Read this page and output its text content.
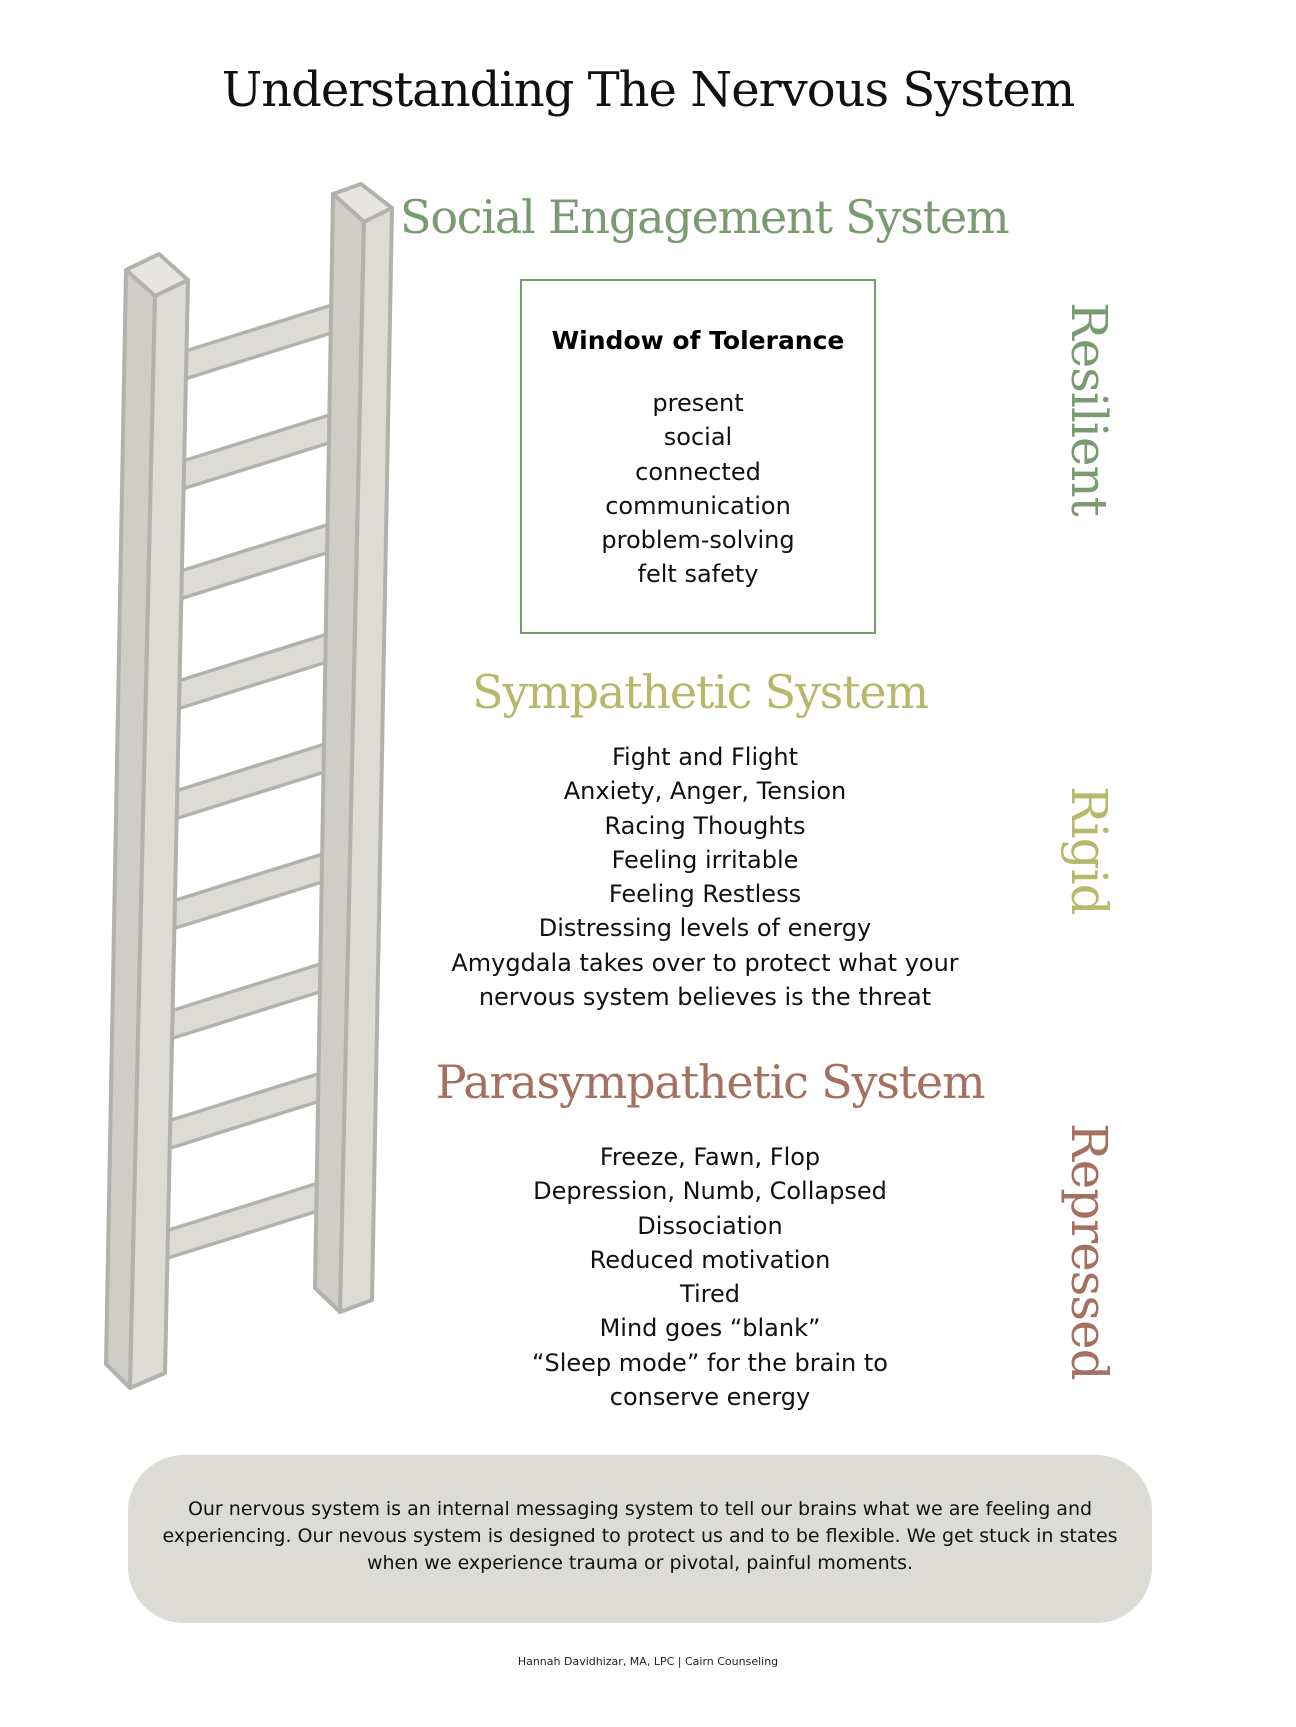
Understanding The Nervous System
Social Engagement System
Window of Tolerance
present
social
connected
communication
problem-solving
felt safety
Resilient
Sympathetic System
Fight and Flight
Anxiety, Anger, Tension
Racing Thoughts
Feeling irritable
Feeling Restless
Distressing levels of energy
Amygdala takes over to protect what your
nervous system believes is the threat
Rigid
Parasympathetic System
Freeze, Fawn, Flop
Depression, Numb, Collapsed
Dissociation
Reduced motivation
Tired
Mind goes “blank”
“Sleep mode” for the brain to
conserve energy
Repressed
Our nervous system is an internal messaging system to tell our brains what we are feeling and
experiencing. Our nevous system is designed to protect us and to be flexible. We get stuck in states
when we experience trauma or pivotal, painful moments.
Hannah Davidhizar, MA, LPC | Cairn Counseling
